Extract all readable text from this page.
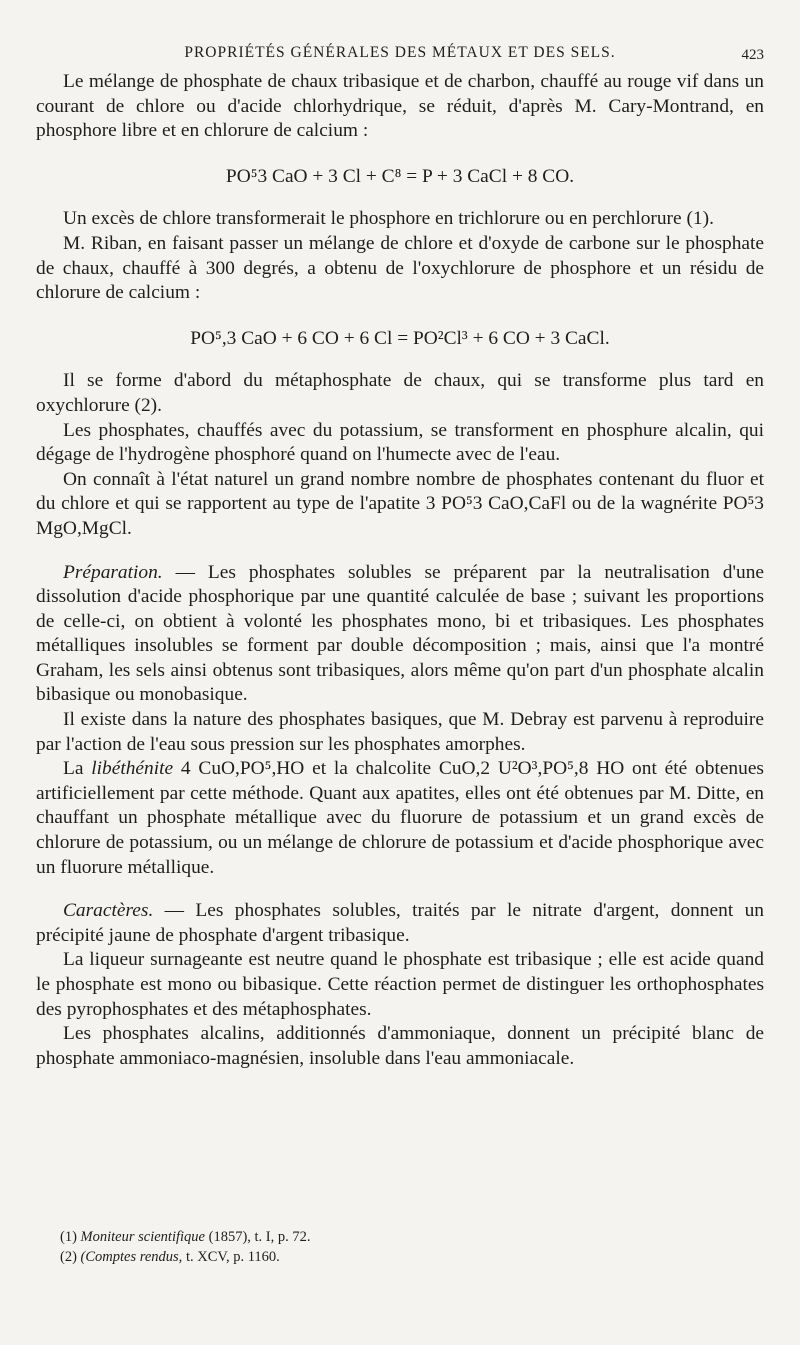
PROPRIÉTÉS GÉNÉRALES DES MÉTAUX ET DES SELS.	423

Le mélange de phosphate de chaux tribasique et de charbon, chauffé au rouge vif dans un courant de chlore ou d'acide chlorhydrique, se réduit, d'après M. Cary-Montrand, en phosphore libre et en chlorure de calcium :

PO⁵3 CaO + 3 Cl + C⁸ = P + 3 CaCl + 8 CO.

Un excès de chlore transformerait le phosphore en trichlorure ou en perchlorure (1).

M. Riban, en faisant passer un mélange de chlore et d'oxyde de carbone sur le phosphate de chaux, chauffé à 300 degrés, a obtenu de l'oxychlorure de phosphore et un résidu de chlorure de calcium :

PO⁵,3 CaO + 6 CO + 6 Cl = PO²Cl³ + 6 CO + 3 CaCl.

Il se forme d'abord du métaphosphate de chaux, qui se transforme plus tard en oxychlorure (2).

Les phosphates, chauffés avec du potassium, se transforment en phosphure alcalin, qui dégage de l'hydrogène phosphoré quand on l'humecte avec de l'eau.

On connaît à l'état naturel un grand nombre nombre de phosphates contenant du fluor et du chlore et qui se rapportent au type de l'apatite 3 PO⁵3 CaO,CaFl ou de la wagnérite PO⁵3 MgO,MgCl.

Préparation. — Les phosphates solubles se préparent par la neutralisation d'une dissolution d'acide phosphorique par une quantité calculée de base ; suivant les proportions de celle-ci, on obtient à volonté les phosphates mono, bi et tribasiques. Les phosphates métalliques insolubles se forment par double décomposition ; mais, ainsi que l'a montré Graham, les sels ainsi obtenus sont tribasiques, alors même qu'on part d'un phosphate alcalin bibasique ou monobasique.

Il existe dans la nature des phosphates basiques, que M. Debray est parvenu à reproduire par l'action de l'eau sous pression sur les phosphates amorphes.

La libéthénite 4 CuO,PO⁵,HO et la chalcolite CuO,2 U²O³,PO⁵,8 HO ont été obtenues artificiellement par cette méthode. Quant aux apatites, elles ont été obtenues par M. Ditte, en chauffant un phosphate métallique avec du fluorure de potassium et un grand excès de chlorure de potassium, ou un mélange de chlorure de potassium et d'acide phosphorique avec un fluorure métallique.

Caractères. — Les phosphates solubles, traités par le nitrate d'argent, donnent un précipité jaune de phosphate d'argent tribasique.

La liqueur surnageante est neutre quand le phosphate est tribasique ; elle est acide quand le phosphate est mono ou bibasique. Cette réaction permet de distinguer les orthophosphates des pyrophosphates et des métaphosphates.

Les phosphates alcalins, additionnés d'ammoniaque, donnent un précipité blanc de phosphate ammoniaco-magnésien, insoluble dans l'eau ammoniacale.

(1) Moniteur scientifique (1857), t. I, p. 72.
(2) (Comptes rendus, t. XCV, p. 1160.
